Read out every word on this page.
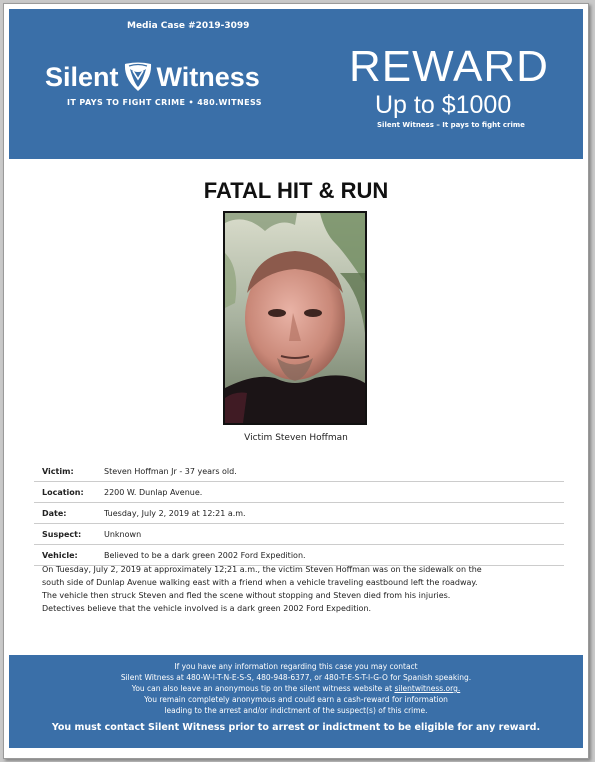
Media Case #2019-3099
Silent Witness
IT PAYS TO FIGHT CRIME • 480.WITNESS
REWARD
Up to $1000
Silent Witness – It pays to fight crime
FATAL HIT & RUN
Victim Steven Hoffman
Victim:	Steven Hoffman Jr - 37 years old.
Location:	2200 W. Dunlap Avenue.
Date:	Tuesday, July 2, 2019 at 12:21 a.m.
Suspect:	Unknown
Vehicle:	Believed to be a dark green 2002 Ford Expedition.
On Tuesday, July 2, 2019 at approximately 12;21 a.m., the victim Steven Hoffman was on the sidewalk on the
south side of Dunlap Avenue walking east with a friend when a vehicle traveling eastbound left the roadway.
The vehicle then struck Steven and fled the scene without stopping and Steven died from his injuries.
Detectives believe that the vehicle involved is a dark green 2002 Ford Expedition.
If you have any information regarding this case you may contact
Silent Witness at 480-W-I-T-N-E-S-S, 480-948-6377, or 480-T-E-S-T-I-G-O for Spanish speaking.
You can also leave an anonymous tip on the silent witness website at silentwitness.org.
You remain completely anonymous and could earn a cash-reward for information
leading to the arrest and/or indictment of the suspect(s) of this crime.
You must contact Silent Witness prior to arrest or indictment to be eligible for any reward.
